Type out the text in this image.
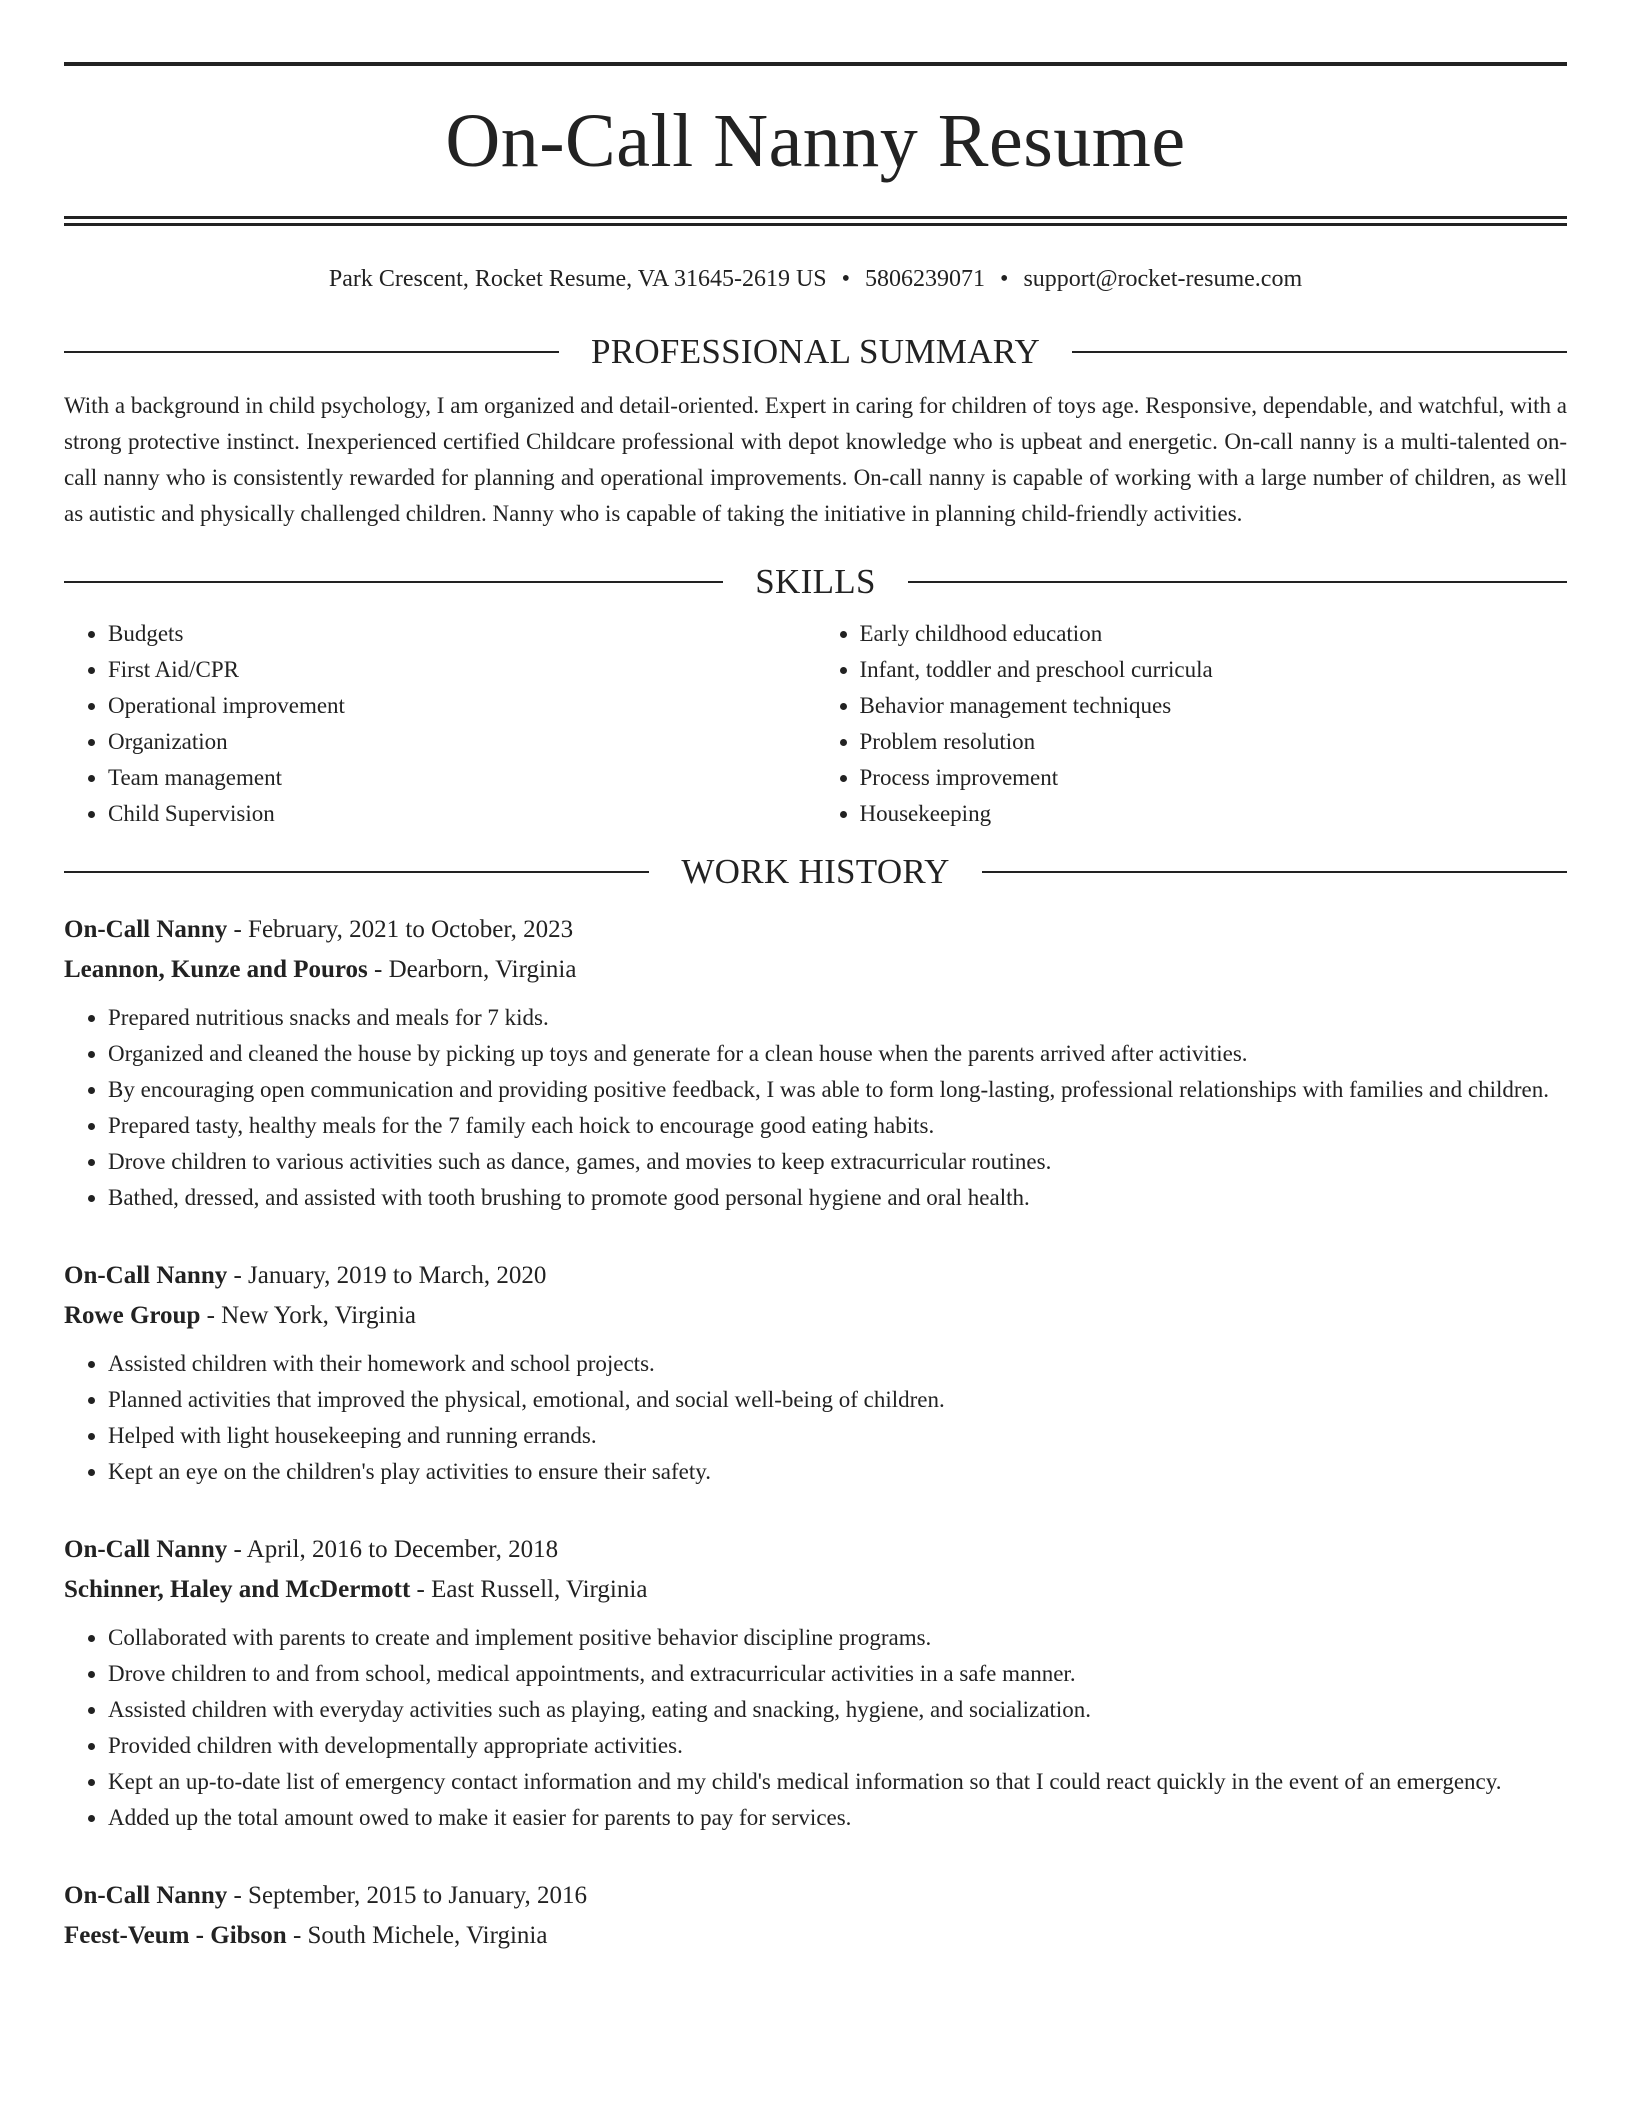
On-Call Nanny Resume
Park Crescent, Rocket Resume, VA 31645-2619 US • 5806239071 • support@rocket-resume.com
PROFESSIONAL SUMMARY
With a background in child psychology, I am organized and detail-oriented. Expert in caring for children of toys age. Responsive, dependable, and watchful, with a strong protective instinct. Inexperienced certified Childcare professional with depot knowledge who is upbeat and energetic. On-call nanny is a multi-talented on-call nanny who is consistently rewarded for planning and operational improvements. On-call nanny is capable of working with a large number of children, as well as autistic and physically challenged children. Nanny who is capable of taking the initiative in planning child-friendly activities.
SKILLS
• Budgets
• First Aid/CPR
• Operational improvement
• Organization
• Team management
• Child Supervision
• Early childhood education
• Infant, toddler and preschool curricula
• Behavior management techniques
• Problem resolution
• Process improvement
• Housekeeping
WORK HISTORY
On-Call Nanny - February, 2021 to October, 2023
Leannon, Kunze and Pouros - Dearborn, Virginia
• Prepared nutritious snacks and meals for 7 kids.
• Organized and cleaned the house by picking up toys and generate for a clean house when the parents arrived after activities.
• By encouraging open communication and providing positive feedback, I was able to form long-lasting, professional relationships with families and children.
• Prepared tasty, healthy meals for the 7 family each hoick to encourage good eating habits.
• Drove children to various activities such as dance, games, and movies to keep extracurricular routines.
• Bathed, dressed, and assisted with tooth brushing to promote good personal hygiene and oral health.
On-Call Nanny - January, 2019 to March, 2020
Rowe Group - New York, Virginia
• Assisted children with their homework and school projects.
• Planned activities that improved the physical, emotional, and social well-being of children.
• Helped with light housekeeping and running errands.
• Kept an eye on the children's play activities to ensure their safety.
On-Call Nanny - April, 2016 to December, 2018
Schinner, Haley and McDermott - East Russell, Virginia
• Collaborated with parents to create and implement positive behavior discipline programs.
• Drove children to and from school, medical appointments, and extracurricular activities in a safe manner.
• Assisted children with everyday activities such as playing, eating and snacking, hygiene, and socialization.
• Provided children with developmentally appropriate activities.
• Kept an up-to-date list of emergency contact information and my child's medical information so that I could react quickly in the event of an emergency.
• Added up the total amount owed to make it easier for parents to pay for services.
On-Call Nanny - September, 2015 to January, 2016
Feest-Veum - Gibson - South Michele, Virginia
